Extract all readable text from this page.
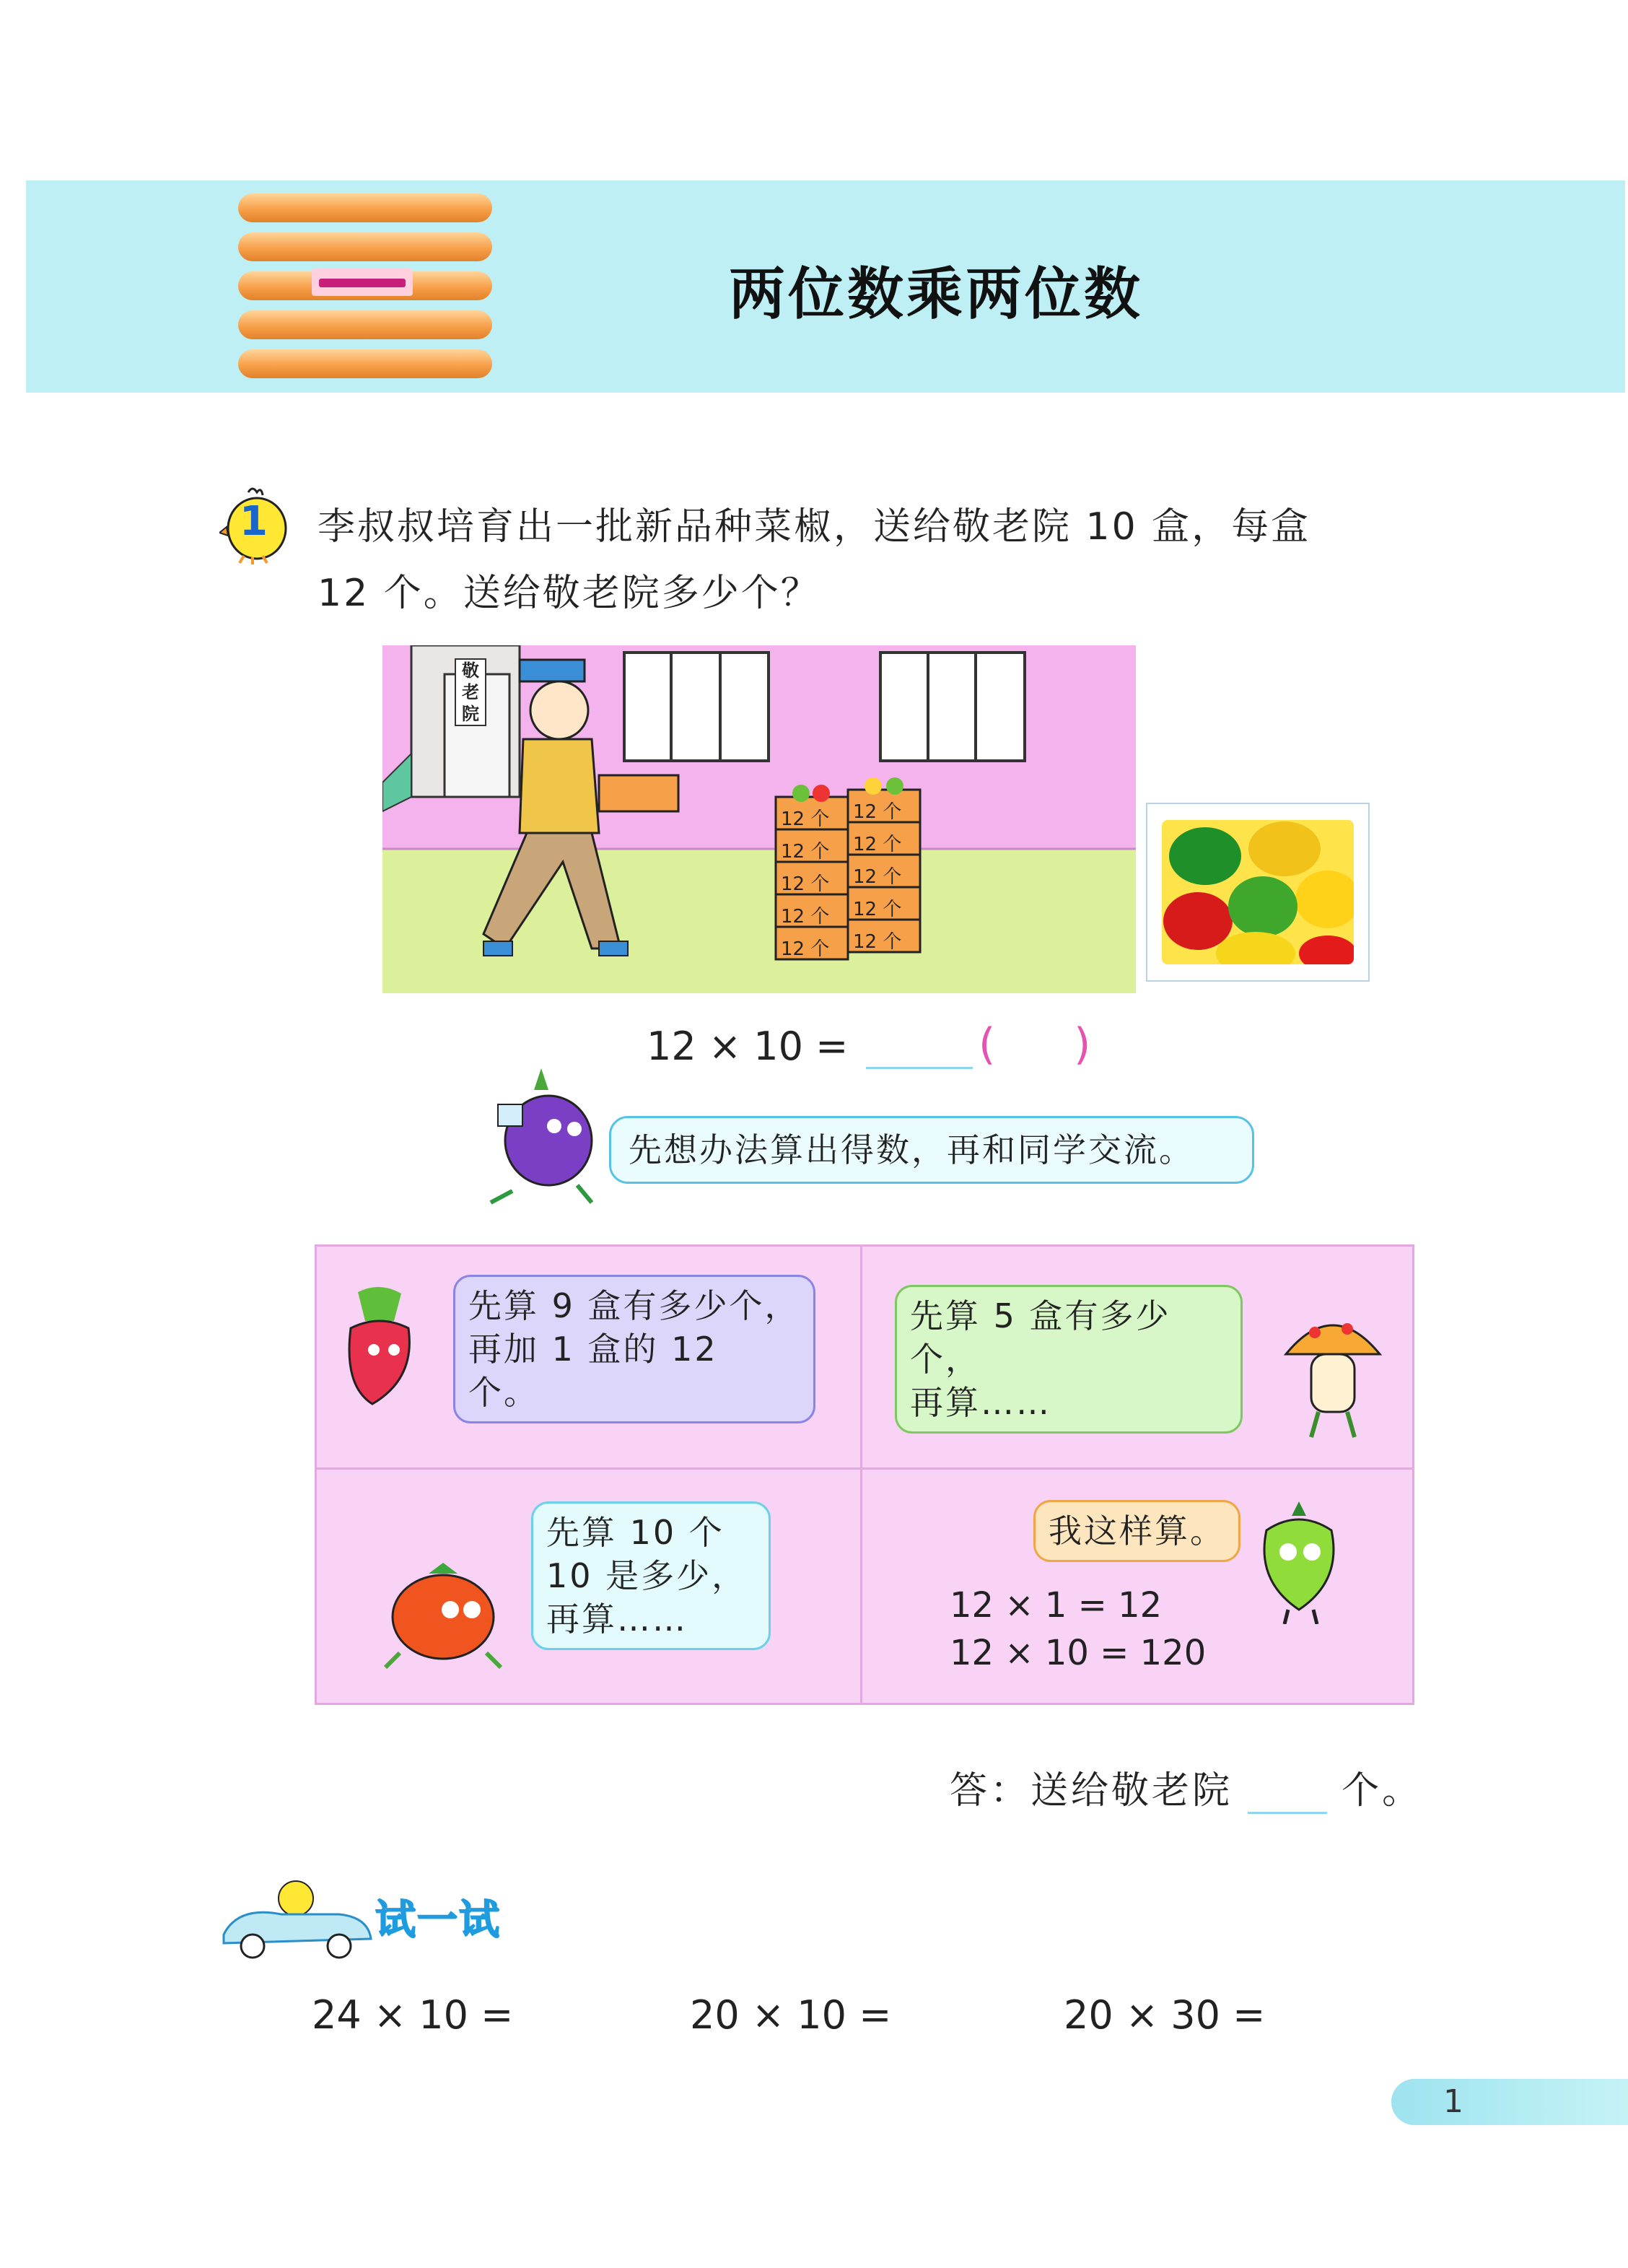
两位数乘两位数
1 李叔叔培育出一批新品种菜椒，送给敬老院 10 盒，每盒
12 个。送给敬老院多少个？
敬老院
12 个 12 个
12 个 12 个
12 个 12 个
12 个 12 个
12 个 12 个
12 × 10 =	( )
先想办法算出得数，再和同学交流。
先算 9 盒有多少个，
再加 1 盒的 12 个。
先算 5 盒有多少个，
再算……
先算 10 个
10 是多少，
再算……
我这样算。
12 × 1 = 12
12 × 10 = 120
答：送给敬老院	个。
试一试
24 × 10 =	20 × 10 =	20 × 30 =
1
